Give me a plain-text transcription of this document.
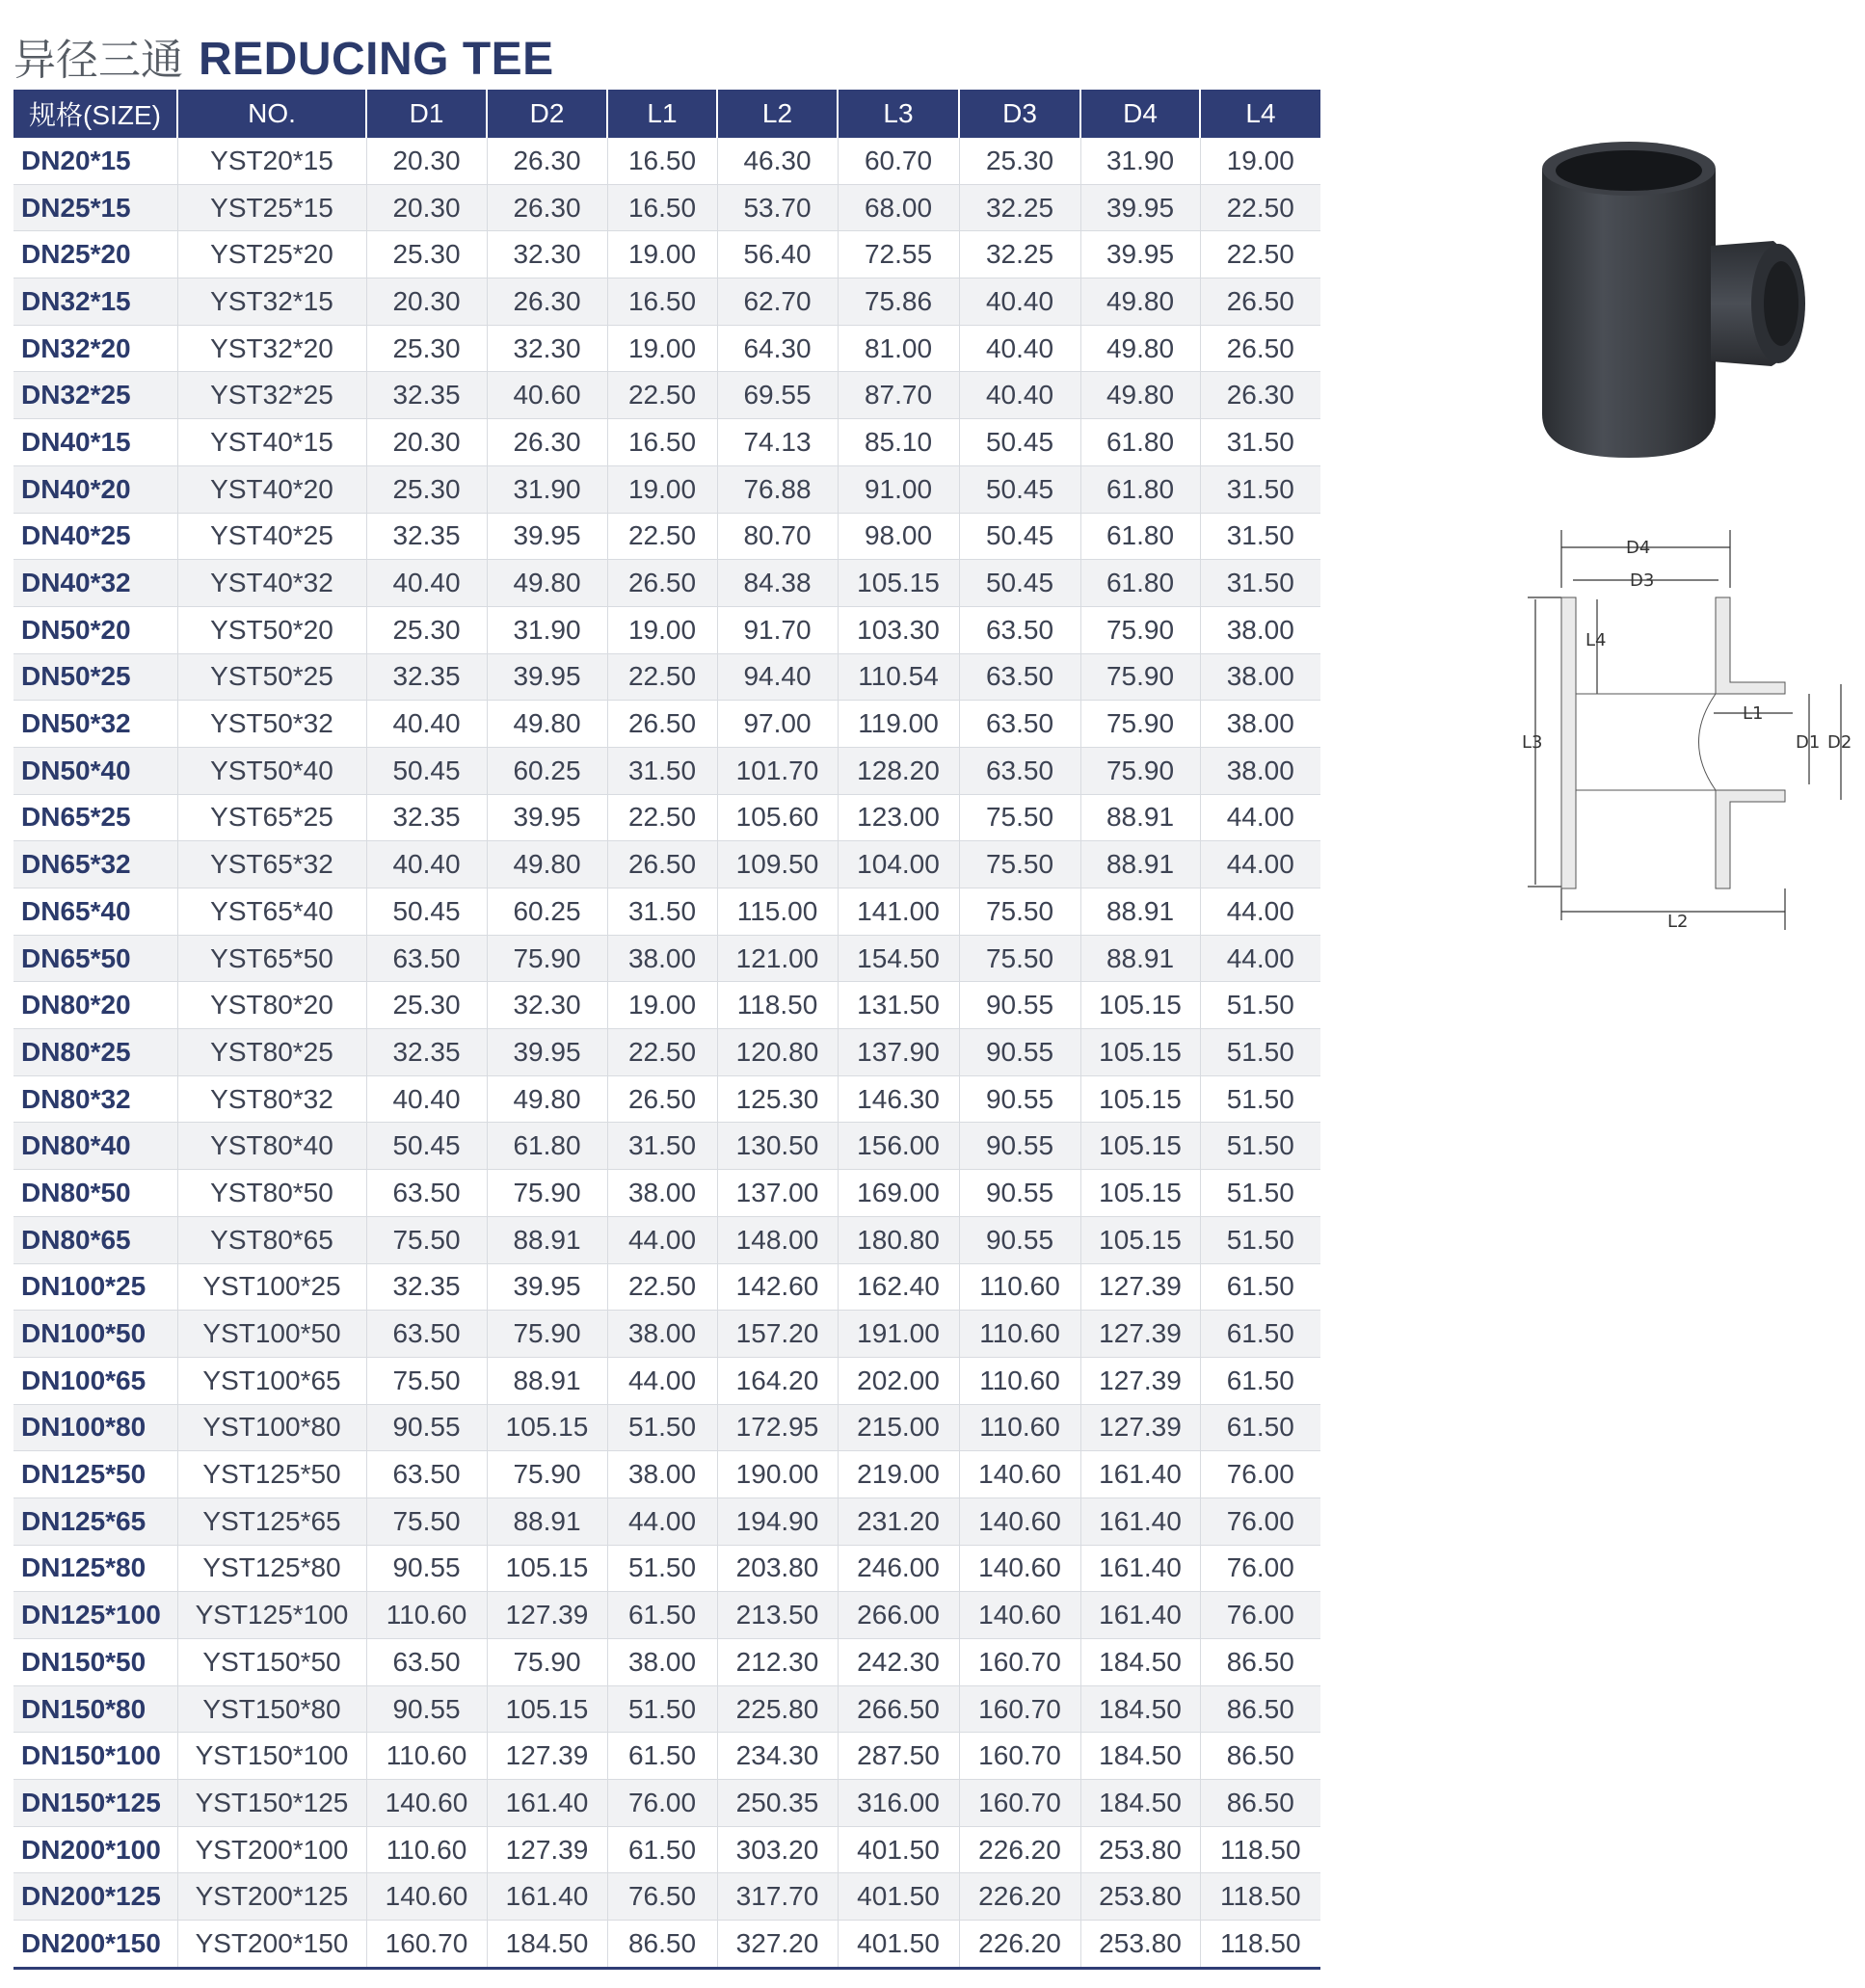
异径三通 REDUCING TEE
规格(SIZE)	NO.	D1	D2	L1	L2	L3	D3	D4	L4
DN20*15	YST20*15	20.30	26.30	16.50	46.30	60.70	25.30	31.90	19.00
DN25*15	YST25*15	20.30	26.30	16.50	53.70	68.00	32.25	39.95	22.50
DN25*20	YST25*20	25.30	32.30	19.00	56.40	72.55	32.25	39.95	22.50
DN32*15	YST32*15	20.30	26.30	16.50	62.70	75.86	40.40	49.80	26.50
DN32*20	YST32*20	25.30	32.30	19.00	64.30	81.00	40.40	49.80	26.50
DN32*25	YST32*25	32.35	40.60	22.50	69.55	87.70	40.40	49.80	26.30
DN40*15	YST40*15	20.30	26.30	16.50	74.13	85.10	50.45	61.80	31.50
DN40*20	YST40*20	25.30	31.90	19.00	76.88	91.00	50.45	61.80	31.50
DN40*25	YST40*25	32.35	39.95	22.50	80.70	98.00	50.45	61.80	31.50
DN40*32	YST40*32	40.40	49.80	26.50	84.38	105.15	50.45	61.80	31.50
DN50*20	YST50*20	25.30	31.90	19.00	91.70	103.30	63.50	75.90	38.00
DN50*25	YST50*25	32.35	39.95	22.50	94.40	110.54	63.50	75.90	38.00
DN50*32	YST50*32	40.40	49.80	26.50	97.00	119.00	63.50	75.90	38.00
DN50*40	YST50*40	50.45	60.25	31.50	101.70	128.20	63.50	75.90	38.00
DN65*25	YST65*25	32.35	39.95	22.50	105.60	123.00	75.50	88.91	44.00
DN65*32	YST65*32	40.40	49.80	26.50	109.50	104.00	75.50	88.91	44.00
DN65*40	YST65*40	50.45	60.25	31.50	115.00	141.00	75.50	88.91	44.00
DN65*50	YST65*50	63.50	75.90	38.00	121.00	154.50	75.50	88.91	44.00
DN80*20	YST80*20	25.30	32.30	19.00	118.50	131.50	90.55	105.15	51.50
DN80*25	YST80*25	32.35	39.95	22.50	120.80	137.90	90.55	105.15	51.50
DN80*32	YST80*32	40.40	49.80	26.50	125.30	146.30	90.55	105.15	51.50
DN80*40	YST80*40	50.45	61.80	31.50	130.50	156.00	90.55	105.15	51.50
DN80*50	YST80*50	63.50	75.90	38.00	137.00	169.00	90.55	105.15	51.50
DN80*65	YST80*65	75.50	88.91	44.00	148.00	180.80	90.55	105.15	51.50
DN100*25	YST100*25	32.35	39.95	22.50	142.60	162.40	110.60	127.39	61.50
DN100*50	YST100*50	63.50	75.90	38.00	157.20	191.00	110.60	127.39	61.50
DN100*65	YST100*65	75.50	88.91	44.00	164.20	202.00	110.60	127.39	61.50
DN100*80	YST100*80	90.55	105.15	51.50	172.95	215.00	110.60	127.39	61.50
DN125*50	YST125*50	63.50	75.90	38.00	190.00	219.00	140.60	161.40	76.00
DN125*65	YST125*65	75.50	88.91	44.00	194.90	231.20	140.60	161.40	76.00
DN125*80	YST125*80	90.55	105.15	51.50	203.80	246.00	140.60	161.40	76.00
DN125*100	YST125*100	110.60	127.39	61.50	213.50	266.00	140.60	161.40	76.00
DN150*50	YST150*50	63.50	75.90	38.00	212.30	242.30	160.70	184.50	86.50
DN150*80	YST150*80	90.55	105.15	51.50	225.80	266.50	160.70	184.50	86.50
DN150*100	YST150*100	110.60	127.39	61.50	234.30	287.50	160.70	184.50	86.50
DN150*125	YST150*125	140.60	161.40	76.00	250.35	316.00	160.70	184.50	86.50
DN200*100	YST200*100	110.60	127.39	61.50	303.20	401.50	226.20	253.80	118.50
DN200*125	YST200*125	140.60	161.40	76.50	317.70	401.50	226.20	253.80	118.50
DN200*150	YST200*150	160.70	184.50	86.50	327.20	401.50	226.20	253.80	118.50
D4
D3
L4
L3
L1
D1 D2
L2
